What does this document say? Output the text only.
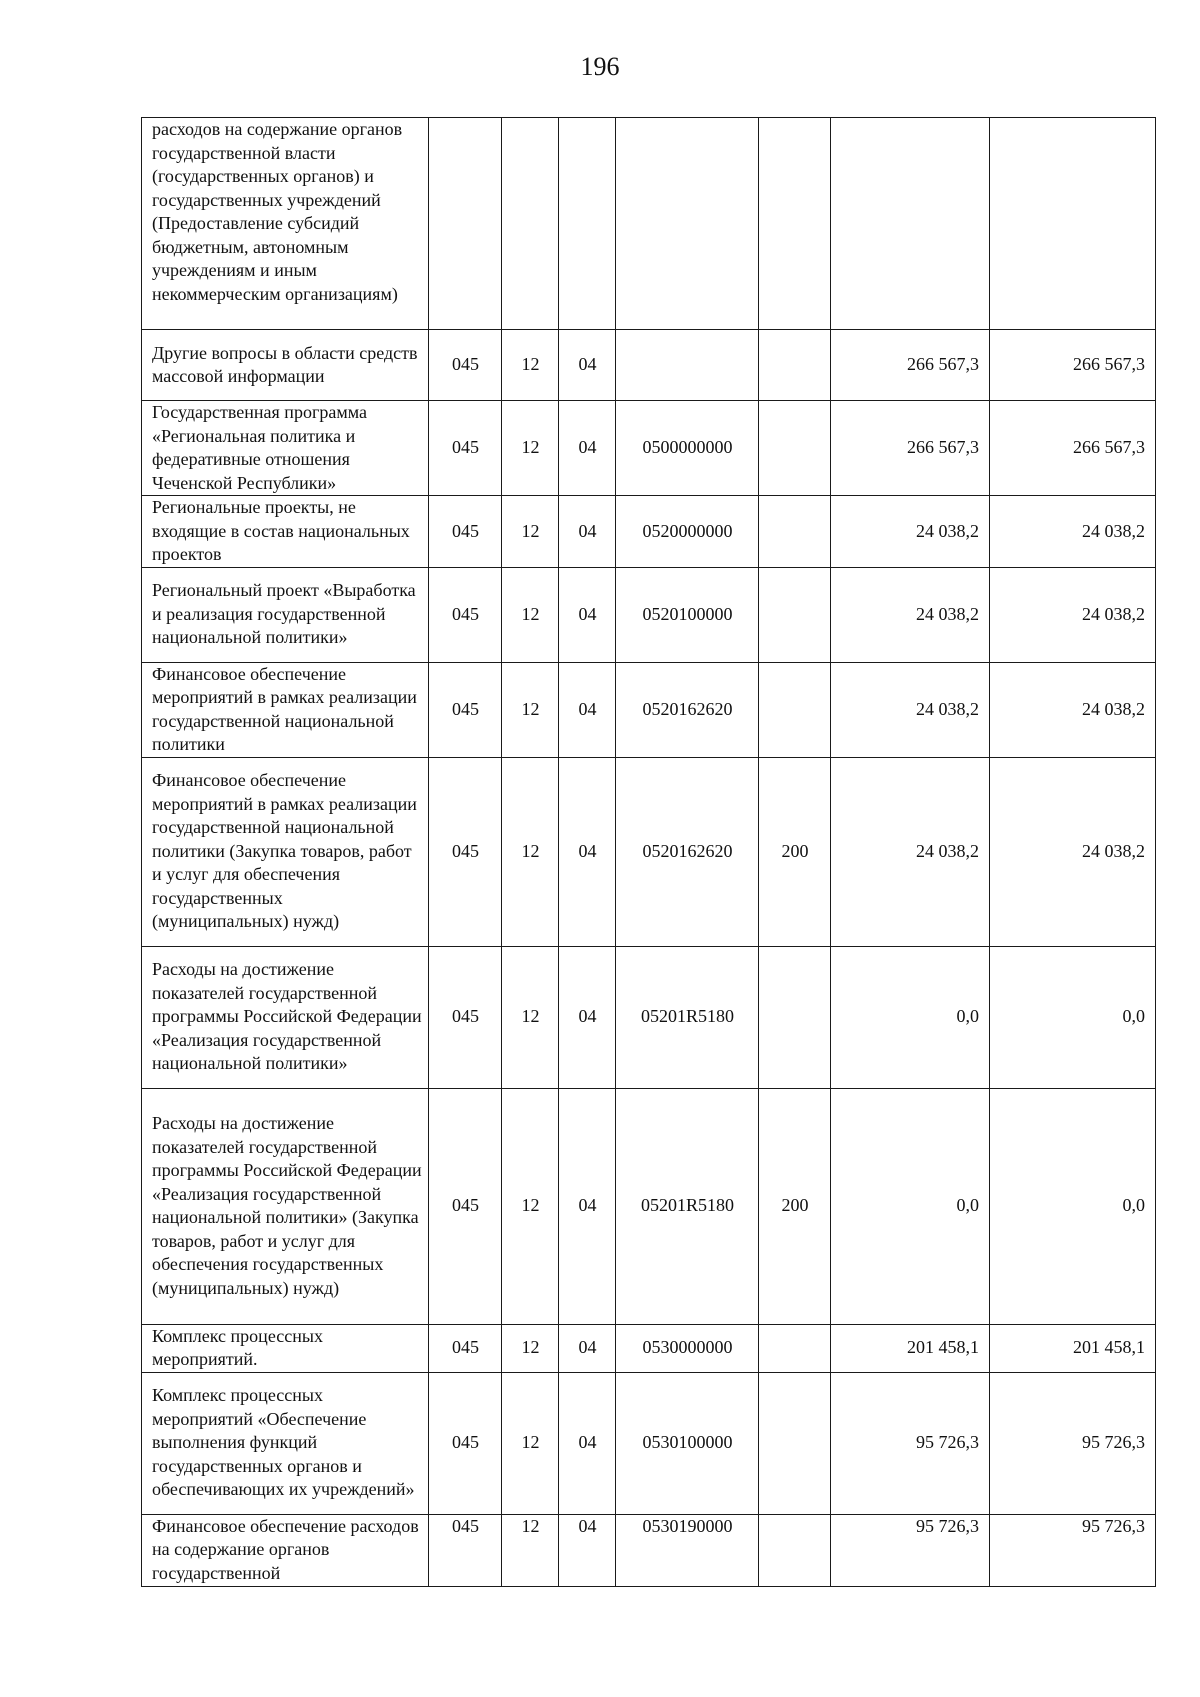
196
расходов на содержание органов государственной власти (государственных органов) и государственных учреждений (Предоставление субсидий бюджетным, автономным учреждениям и иным некоммерческим организациям)							
Другие вопросы в области средств массовой информации	045	12	04			266 567,3	266 567,3
Государственная программа «Региональная политика и федеративные отношения Чеченской Республики»	045	12	04	0500000000		266 567,3	266 567,3
Региональные проекты, не входящие в состав национальных проектов	045	12	04	0520000000		24 038,2	24 038,2
Региональный проект «Выработка и реализация государственной национальной политики»	045	12	04	0520100000		24 038,2	24 038,2
Финансовое обеспечение мероприятий в рамках реализации государственной национальной политики	045	12	04	0520162620		24 038,2	24 038,2
Финансовое обеспечение мероприятий в рамках реализации государственной национальной политики (Закупка товаров, работ и услуг для обеспечения государственных (муниципальных) нужд)	045	12	04	0520162620	200	24 038,2	24 038,2
Расходы на достижение показателей государственной программы Российской Федерации «Реализация государственной национальной политики»	045	12	04	05201R5180		0,0	0,0
Расходы на достижение показателей государственной программы Российской Федерации «Реализация государственной национальной политики» (Закупка товаров, работ и услуг для обеспечения государственных (муниципальных) нужд)	045	12	04	05201R5180	200	0,0	0,0
Комплекс процессных мероприятий.	045	12	04	0530000000		201 458,1	201 458,1
Комплекс процессных мероприятий «Обеспечение выполнения функций государственных органов и обеспечивающих их учреждений»	045	12	04	0530100000		95 726,3	95 726,3
Финансовое обеспечение расходов на содержание органов государственной	045	12	04	0530190000		95 726,3	95 726,3
